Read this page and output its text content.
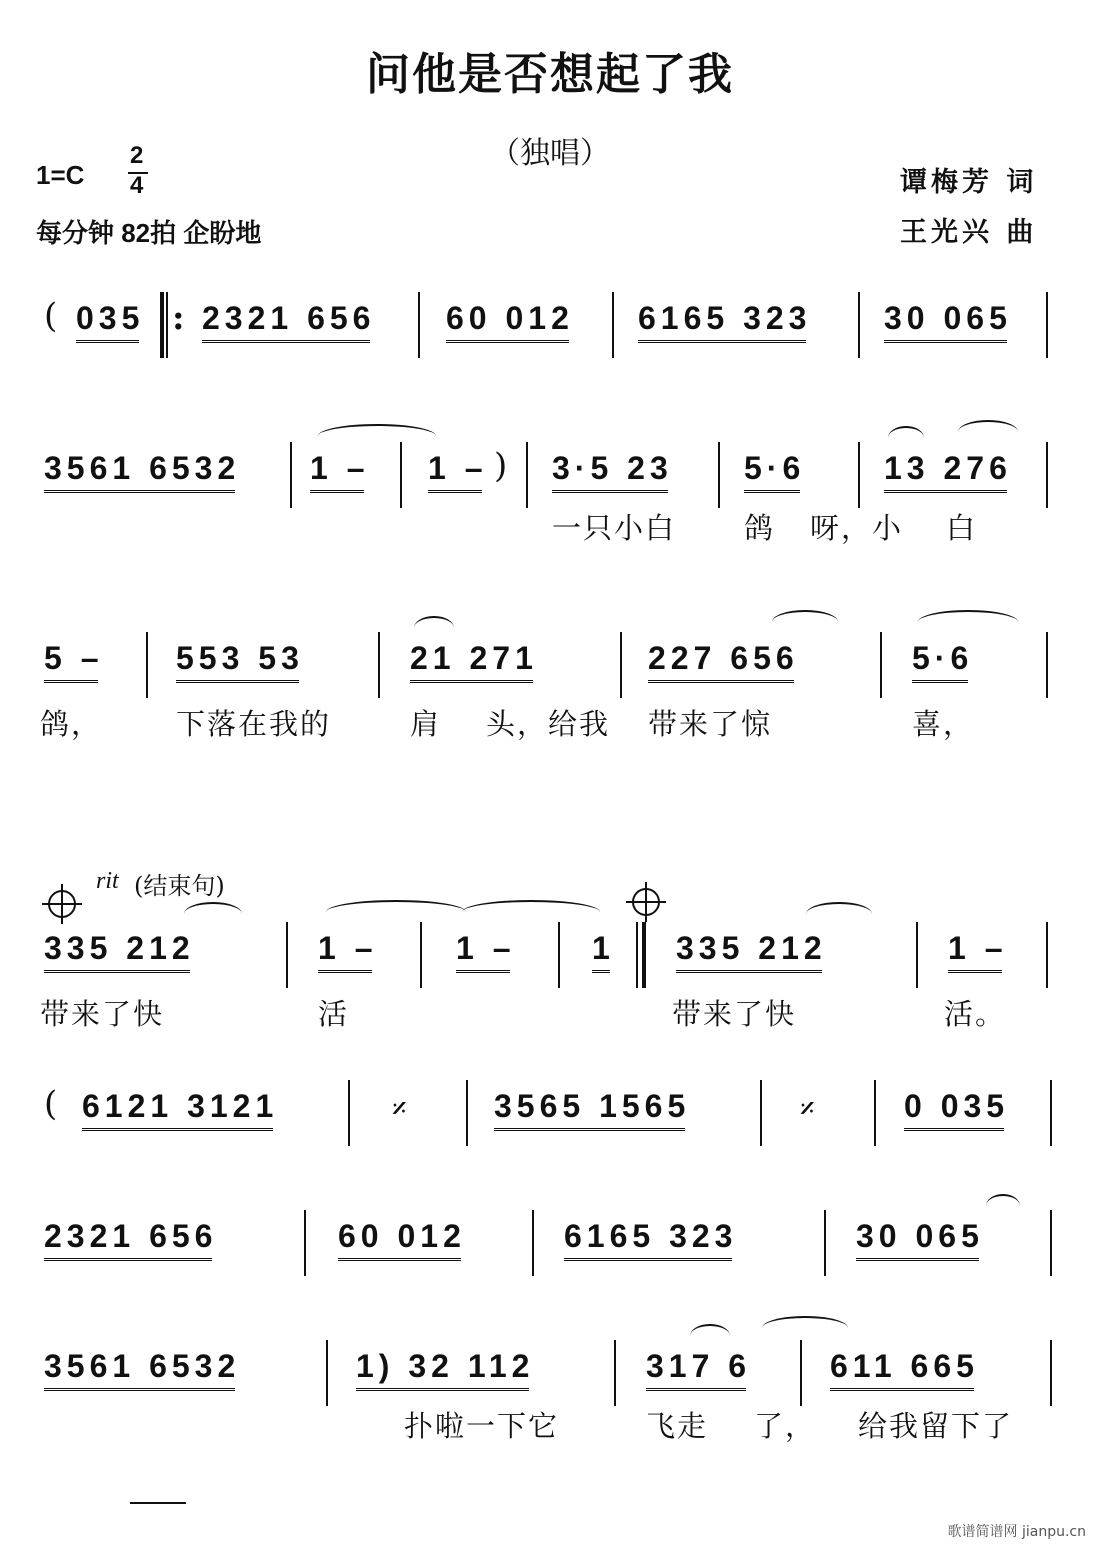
问他是否想起了我
（独唱）
1=C
2
4
每分钟 82拍 企盼地
谭梅芳 词
王光兴 曲
( 035 : 2321 656 60 012 6165 323 30 065
3561 6532 1 – 1 – ) 3·5 23 5·6 13 276
一只小白 鸽 呀，小 白
5 – 553 53	21 271	227 656	5·6
鸽，	下落在我的	肩 头，给我 带来了惊	喜，
rit (结束句)
335 212	1 – 1 – 1 335 212	1 –
带来了快	活	带来了快	活。
( 6121 3121	𝄎	3565 1565	𝄎	0 035
2321 656	60 012	6165 323	30 065
3561 6532	1) 32 112	317 6 611 665
扑啦一下它	飞走 了， 给我留下了
歌谱简谱网 jianpu.cn
